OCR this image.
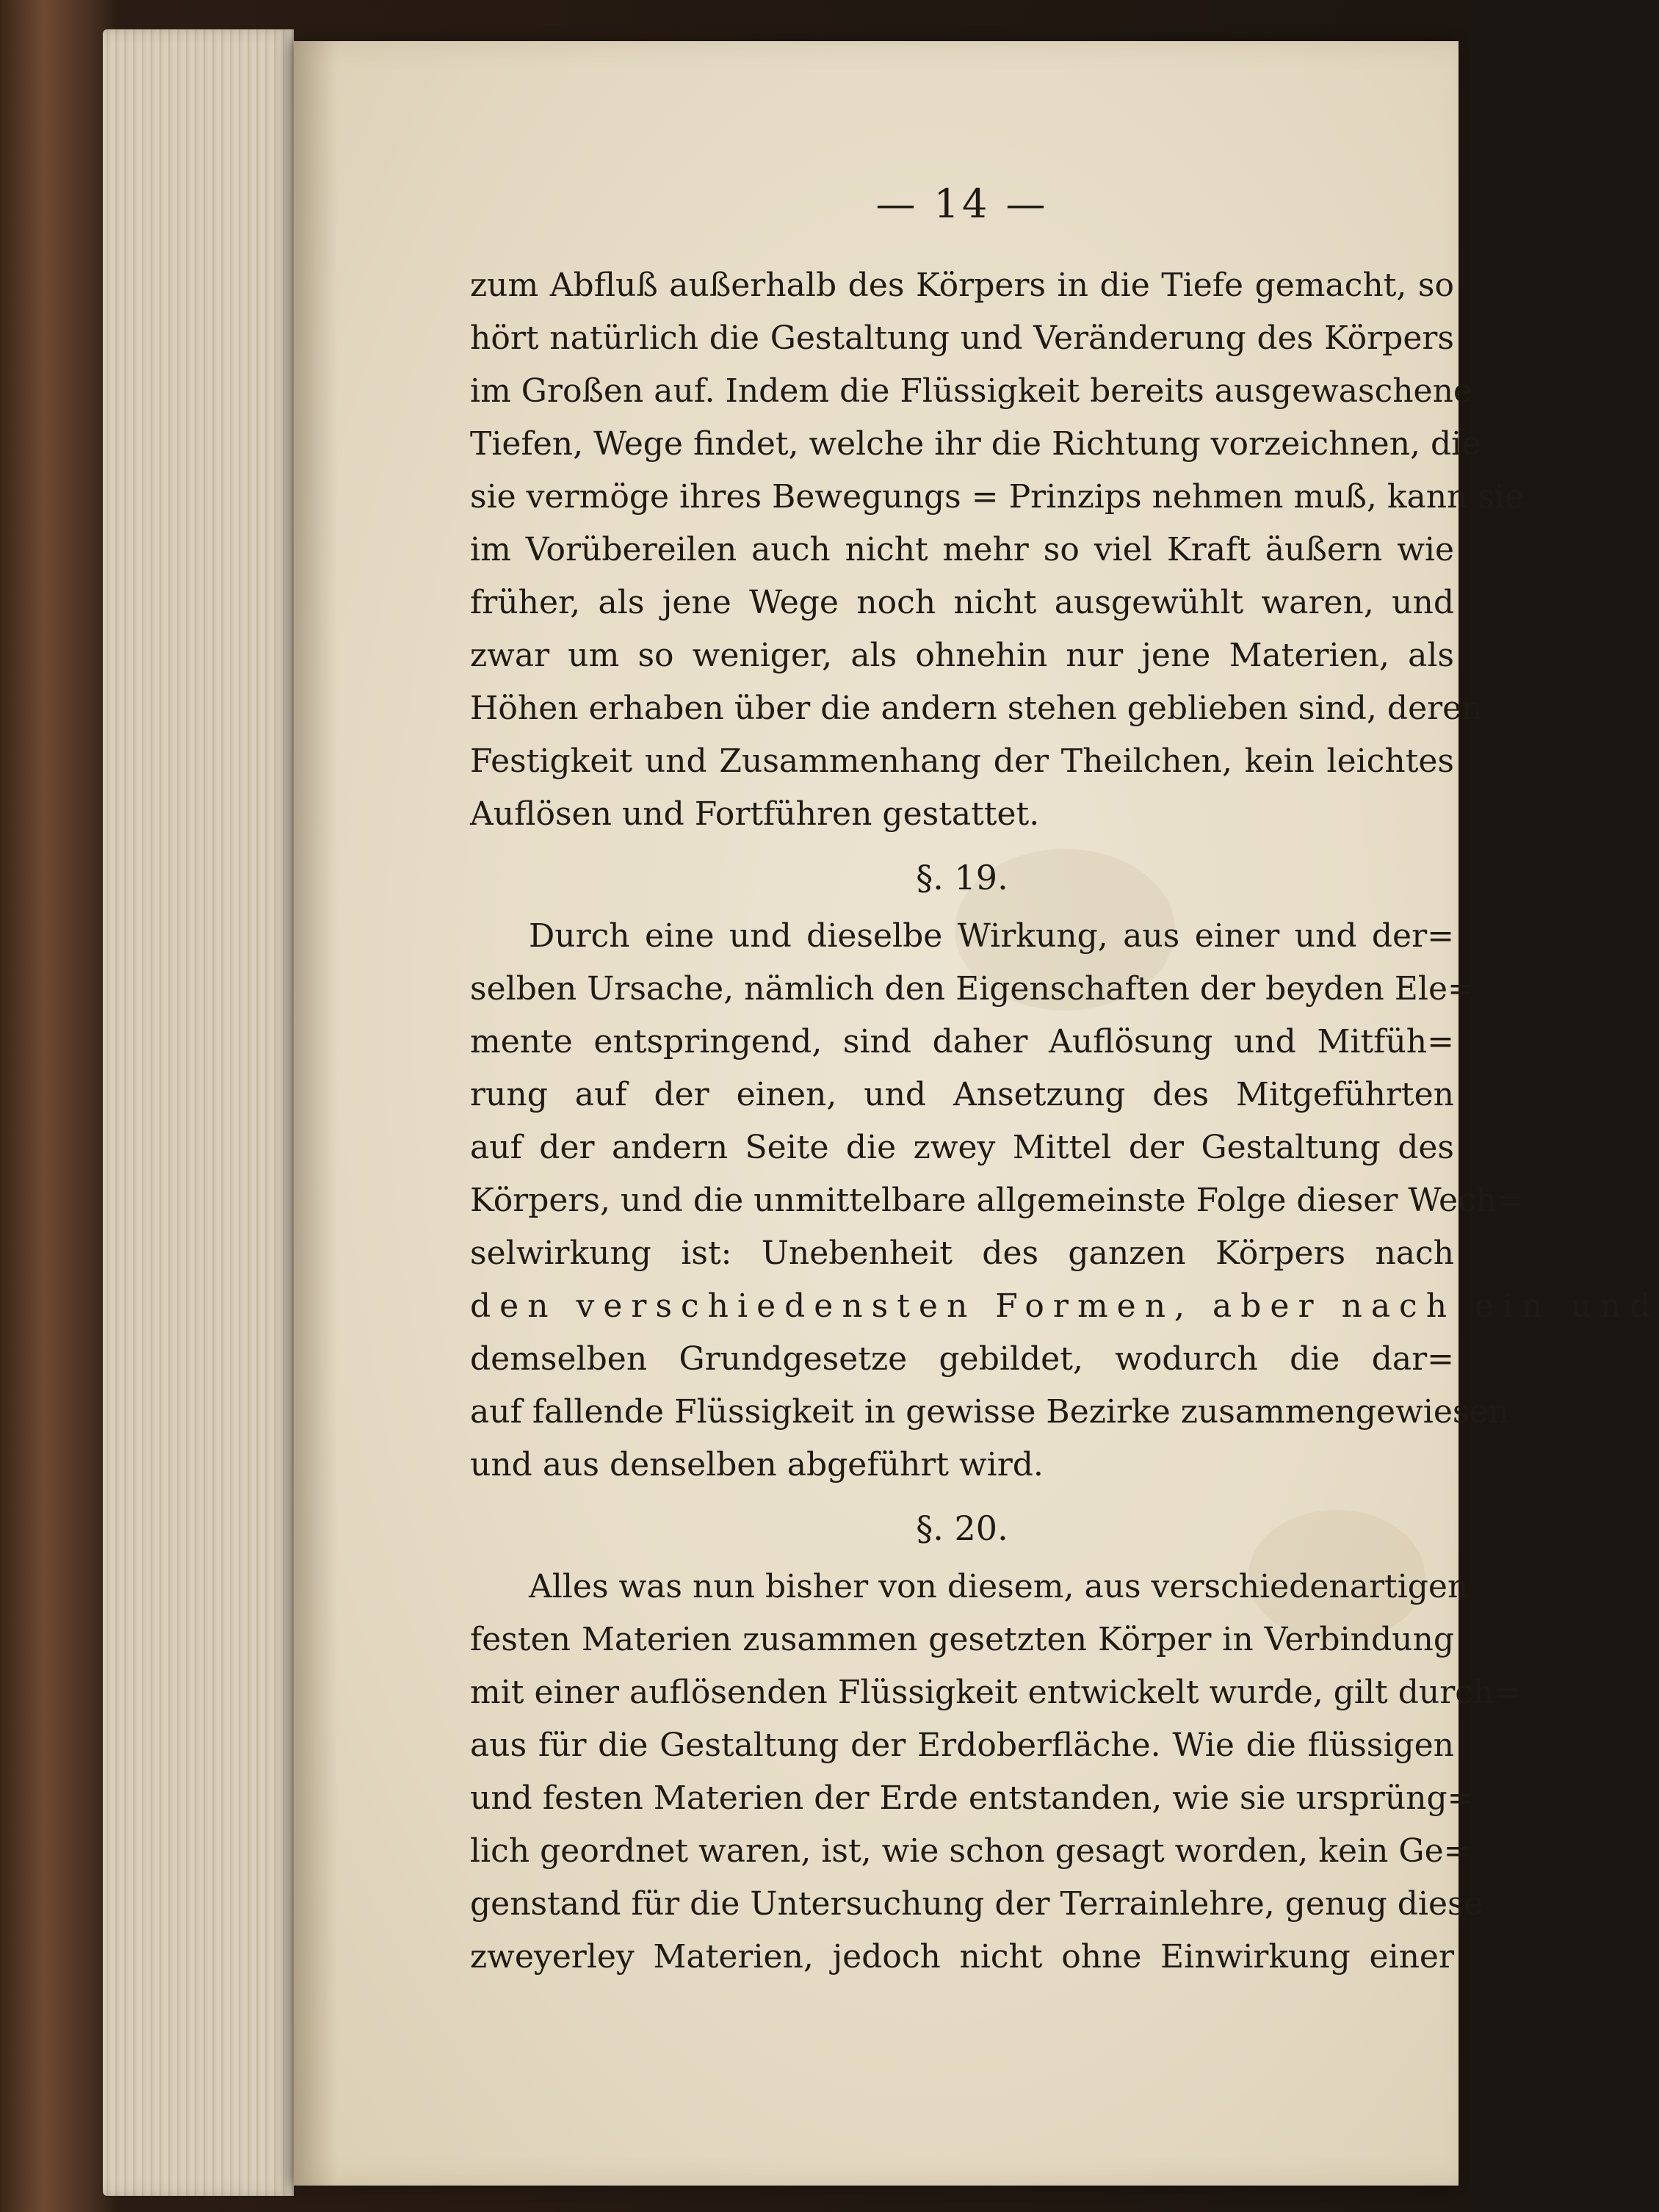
— 14 —
zum Abfluß außerhalb des Körpers in die Tiefe gemacht, so
hört natürlich die Gestaltung und Veränderung des Körpers
im Großen auf. Indem die Flüssigkeit bereits ausgewaschene
Tiefen, Wege findet, welche ihr die Richtung vorzeichnen, die
sie vermöge ihres Bewegungs = Prinzips nehmen muß, kann sie
im Vorübereilen auch nicht mehr so viel Kraft äußern wie
früher, als jene Wege noch nicht ausgewühlt waren, und
zwar um so weniger, als ohnehin nur jene Materien, als
Höhen erhaben über die andern stehen geblieben sind, deren
Festigkeit und Zusammenhang der Theilchen, kein leichtes
Auflösen und Fortführen gestattet.
§. 19.
Durch eine und dieselbe Wirkung, aus einer und der=
selben Ursache, nämlich den Eigenschaften der beyden Ele=
mente entspringend, sind daher Auflösung und Mitfüh=
rung auf der einen, und Ansetzung des Mitgeführten
auf der andern Seite die zwey Mittel der Gestaltung des
Körpers, und die unmittelbare allgemeinste Folge dieser Wech=
selwirkung ist: Unebenheit des ganzen Körpers nach
den verschiedensten Formen, aber nach ein und
demselben Grundgesetze gebildet, wodurch die dar=
auf fallende Flüssigkeit in gewisse Bezirke zusammengewiesen
und aus denselben abgeführt wird.
§. 20.
Alles was nun bisher von diesem, aus verschiedenartigen
festen Materien zusammen gesetzten Körper in Verbindung
mit einer auflösenden Flüssigkeit entwickelt wurde, gilt durch=
aus für die Gestaltung der Erdoberfläche. Wie die flüssigen
und festen Materien der Erde entstanden, wie sie ursprüng=
lich geordnet waren, ist, wie schon gesagt worden, kein Ge=
genstand für die Untersuchung der Terrainlehre, genug diese
zweyerley Materien, jedoch nicht ohne Einwirkung einer
